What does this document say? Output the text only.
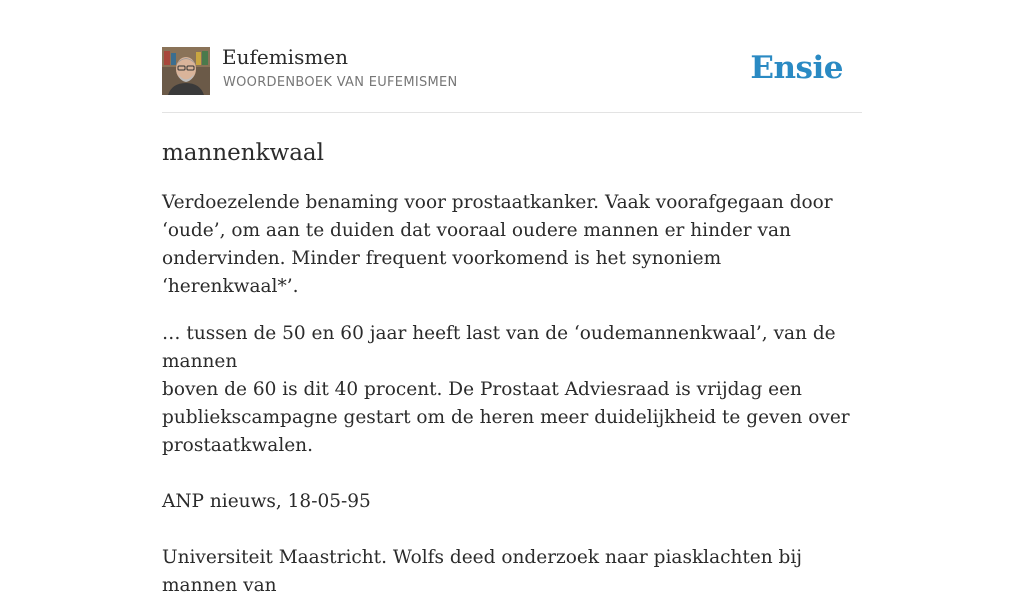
Eufemismen
WOORDENBOEK VAN EUFEMISMEN	Ensie
mannenkwaal

Verdoezelende benaming voor prostaatkanker. Vaak voorafgegaan door ‘oude’, om aan te duiden dat vooraal oudere mannen er hinder van ondervinden. Minder frequent voorkomend is het synoniem ‘herenkwaal*’.

… tussen de 50 en 60 jaar heeft last van de ‘oudemannenkwaal’, van de mannen

boven de 60 is dit 40 procent. De Prostaat Adviesraad is vrijdag een

publiekscampagne gestart om de heren meer duidelijkheid te geven over

prostaatkwalen.

ANP nieuws, 18-05-95

Universiteit Maastricht. Wolfs deed onderzoek naar piasklachten bij mannen van
